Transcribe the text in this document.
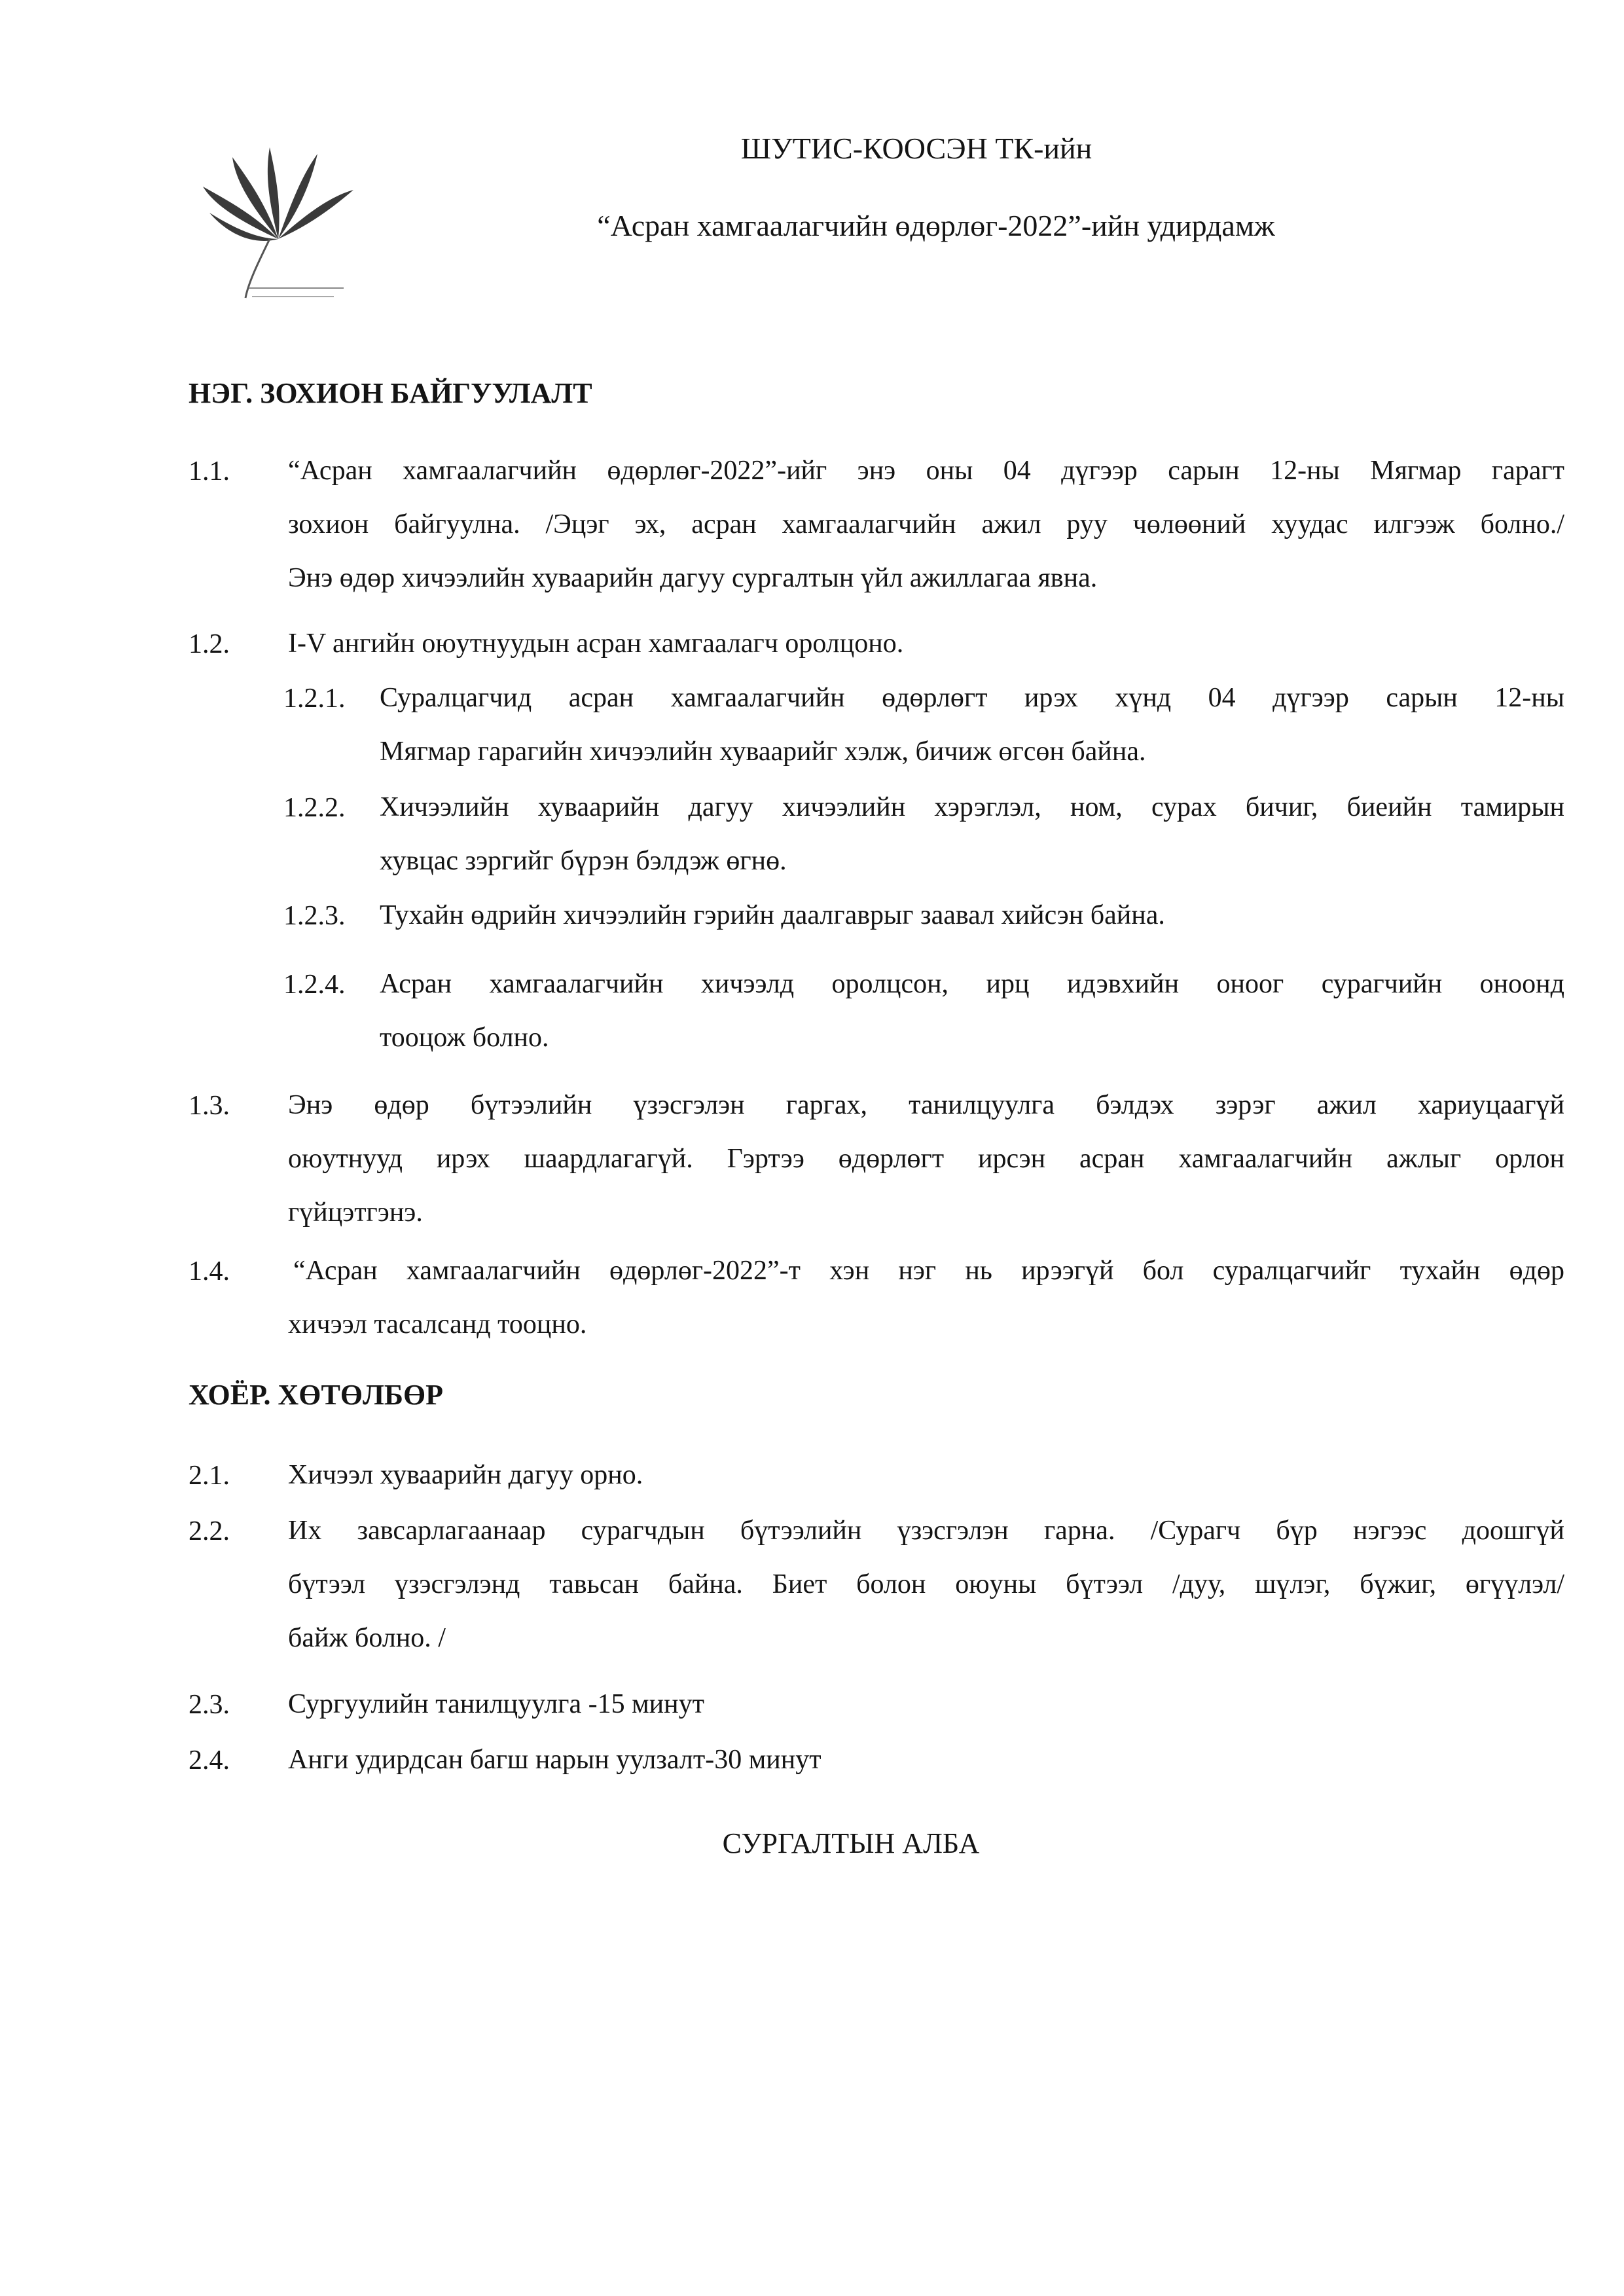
ШУТИС-КООСЭН ТК-ийн
“Асран хамгаалагчийн өдөрлөг-2022”-ийн удирдамж
НЭГ. ЗОХИОН БАЙГУУЛАЛТ
1.1. “Асран хамгаалагчийн өдөрлөг-2022”-ийг энэ оны 04 дүгээр сарын 12-ны Мягмар гарагт
зохион байгуулна. /Эцэг эх, асран хамгаалагчийн ажил руу чөлөөний хуудас илгээж болно./
Энэ өдөр хичээлийн хуваарийн дагуу сургалтын үйл ажиллагаа явна.
1.2. I-V ангийн оюутнуудын асран хамгаалагч оролцоно.
1.2.1. Суралцагчид асран хамгаалагчийн өдөрлөгт ирэх хүнд 04 дүгээр сарын 12-ны
Мягмар гарагийн хичээлийн хуваарийг хэлж, бичиж өгсөн байна.
1.2.2. Хичээлийн хуваарийн дагуу хичээлийн хэрэглэл, ном, сурах бичиг, биеийн тамирын
хувцас зэргийг бүрэн бэлдэж өгнө.
1.2.3. Тухайн өдрийн хичээлийн гэрийн даалгаврыг заавал хийсэн байна.
1.2.4. Асран хамгаалагчийн хичээлд оролцсон, ирц идэвхийн оноог сурагчийн оноонд
тооцож болно.
1.3. Энэ өдөр бүтээлийн үзэсгэлэн гаргах, танилцуулга бэлдэх зэрэг ажил хариуцаагүй
оюутнууд ирэх шаардлагагүй. Гэртээ өдөрлөгт ирсэн асран хамгаалагчийн ажлыг орлон
гүйцэтгэнэ.
1.4. “Асран хамгаалагчийн өдөрлөг-2022”-т хэн нэг нь ирээгүй бол суралцагчийг тухайн өдөр
хичээл тасалсанд тооцно.
ХОЁР. ХӨТӨЛБӨР
2.1. Хичээл хуваарийн дагуу орно.
2.2. Их завсарлагаанаар сурагчдын бүтээлийн үзэсгэлэн гарна. /Сурагч бүр нэгээс доошгүй
бүтээл үзэсгэлэнд тавьсан байна. Биет болон оюуны бүтээл /дуу, шүлэг, бүжиг, өгүүлэл/
байж болно. /
2.3. Сургуулийн танилцуулга -15 минут
2.4. Анги удирдсан багш нарын уулзалт-30 минут
СУРГАЛТЫН АЛБА
